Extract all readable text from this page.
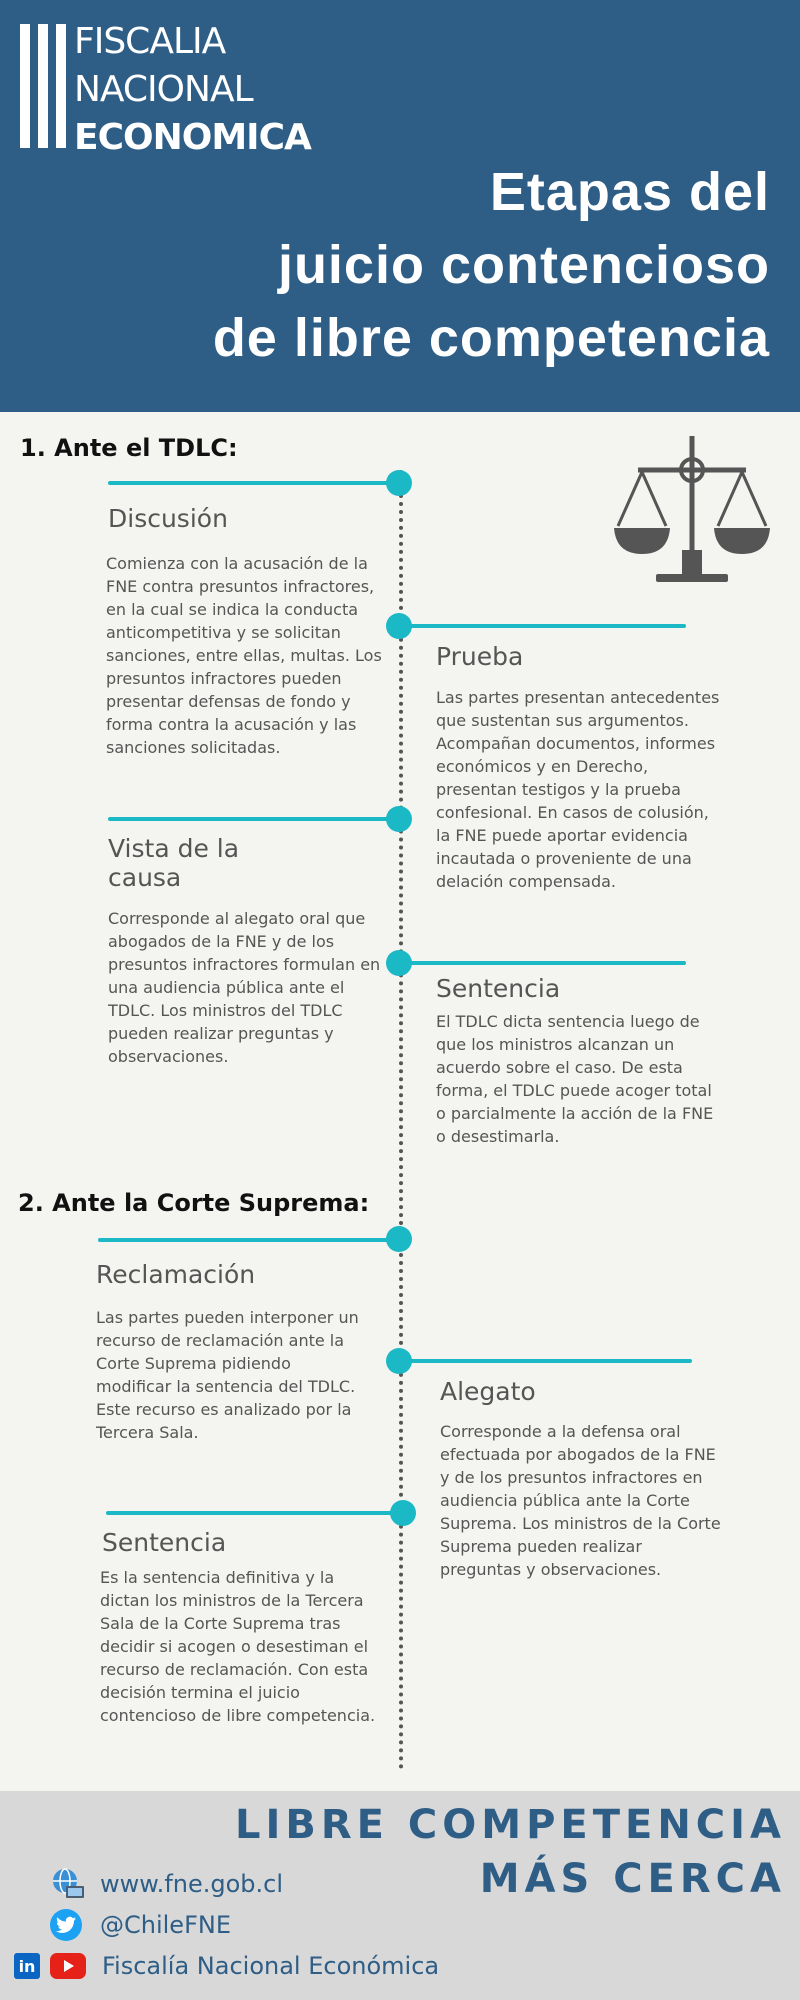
FISCALIA
NACIONAL
ECONOMICA
Etapas del
juicio contencioso
de libre competencia
1. Ante el TDLC:
Discusión
Comienza con la acusación de la FNE contra presuntos infractores, en la cual se indica la conducta anticompetitiva y se solicitan sanciones, entre ellas, multas. Los presuntos infractores pueden presentar defensas de fondo y forma contra la acusación y las sanciones solicitadas.
Prueba
Las partes presentan antecedentes que sustentan sus argumentos. Acompañan documentos, informes económicos y en Derecho, presentan testigos y la prueba confesional. En casos de colusión, la FNE puede aportar evidencia incautada o proveniente de una delación compensada.
Vista de la causa
Corresponde al alegato oral que abogados de la FNE y de los presuntos infractores formulan en una audiencia pública ante el TDLC. Los ministros del TDLC pueden realizar preguntas y observaciones.
Sentencia
El TDLC dicta sentencia luego de que los ministros alcanzan un acuerdo sobre el caso. De esta forma, el TDLC puede acoger total o parcialmente la acción de la FNE o desestimarla.
2. Ante la Corte Suprema:
Reclamación
Las partes pueden interponer un recurso de reclamación ante la Corte Suprema pidiendo modificar la sentencia del TDLC. Este recurso es analizado por la Tercera Sala.
Alegato
Corresponde a la defensa oral efectuada por abogados de la FNE y de los presuntos infractores en audiencia pública ante la Corte Suprema. Los ministros de la Corte Suprema pueden realizar preguntas y observaciones.
Sentencia
Es la sentencia definitiva y la dictan los ministros de la Tercera Sala de la Corte Suprema tras decidir si acogen o desestiman el recurso de reclamación. Con esta decisión termina el juicio contencioso de libre competencia.
LIBRE COMPETENCIA
MÁS CERCA
www.fne.gob.cl
@ChileFNE
in	Fiscalía Nacional Económica
